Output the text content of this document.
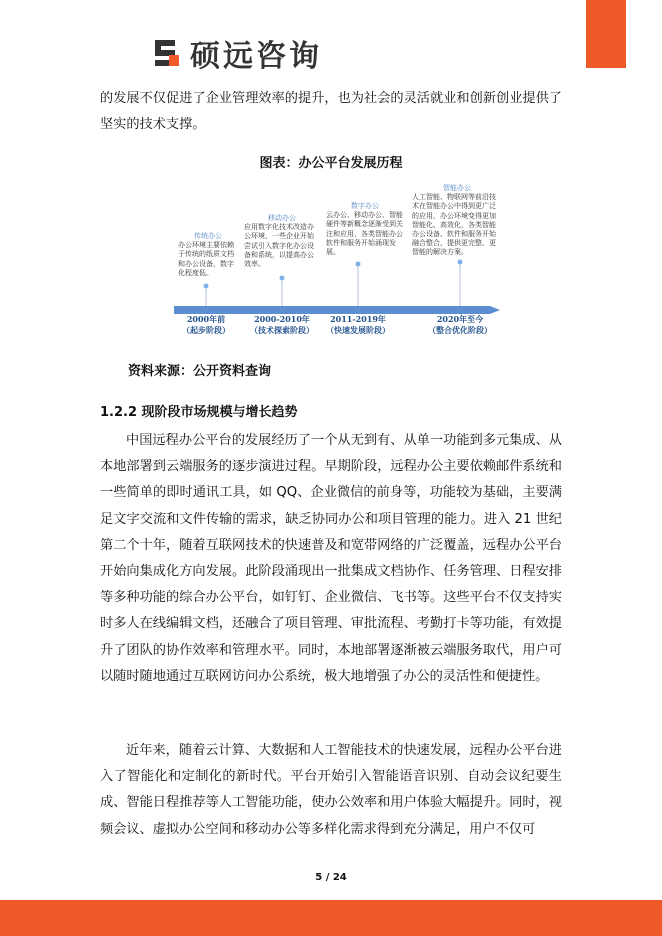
硕远咨询

的发展不仅促进了企业管理效率的提升，也为社会的灵活就业和创新创业提供了坚实的技术支撑。

图表：办公平台发展历程
传统办公
办公环境主要依赖于传统的纸质文档和办公设备，数字化程度低。
移动办公
应用数字化技术改造办公环境，一些企业开始尝试引入数字化办公设备和系统，以提高办公效率。
数字办公
云办公、移动办公、智能硬件等新概念逐渐受到关注和应用，各类智能办公软件和服务开始涌现发展。
智能办公
人工智能、物联网等前沿技术在智能办公中得到更广泛的应用，办公环境变得更加智能化、高效化，各类智能办公设备、软件和服务开始融合整合，提供更完整、更智能的解决方案。
2000年前
（起步阶段）
2000-2010年
（技术探索阶段）
2011-2019年
（快速发展阶段）
2020年至今
（整合优化阶段）
资料来源：公开资料查询
1.2.2 现阶段市场规模与增长趋势

中国远程办公平台的发展经历了一个从无到有、从单一功能到多元集成、从本地部署到云端服务的逐步演进过程。早期阶段，远程办公主要依赖邮件系统和一些简单的即时通讯工具，如 QQ、企业微信的前身等，功能较为基础，主要满足文字交流和文件传输的需求，缺乏协同办公和项目管理的能力。进入 21 世纪第二个十年，随着互联网技术的快速普及和宽带网络的广泛覆盖，远程办公平台开始向集成化方向发展。此阶段涌现出一批集成文档协作、任务管理、日程安排等多种功能的综合办公平台，如钉钉、企业微信、飞书等。这些平台不仅支持实时多人在线编辑文档，还融合了项目管理、审批流程、考勤打卡等功能，有效提升了团队的协作效率和管理水平。同时，本地部署逐渐被云端服务取代，用户可以随时随地通过互联网访问办公系统，极大地增强了办公的灵活性和便捷性。

近年来，随着云计算、大数据和人工智能技术的快速发展，远程办公平台进入了智能化和定制化的新时代。平台开始引入智能语音识别、自动会议纪要生成、智能日程推荐等人工智能功能，使办公效率和用户体验大幅提升。同时，视频会议、虚拟办公空间和移动办公等多样化需求得到充分满足，用户不仅可

5 / 24
